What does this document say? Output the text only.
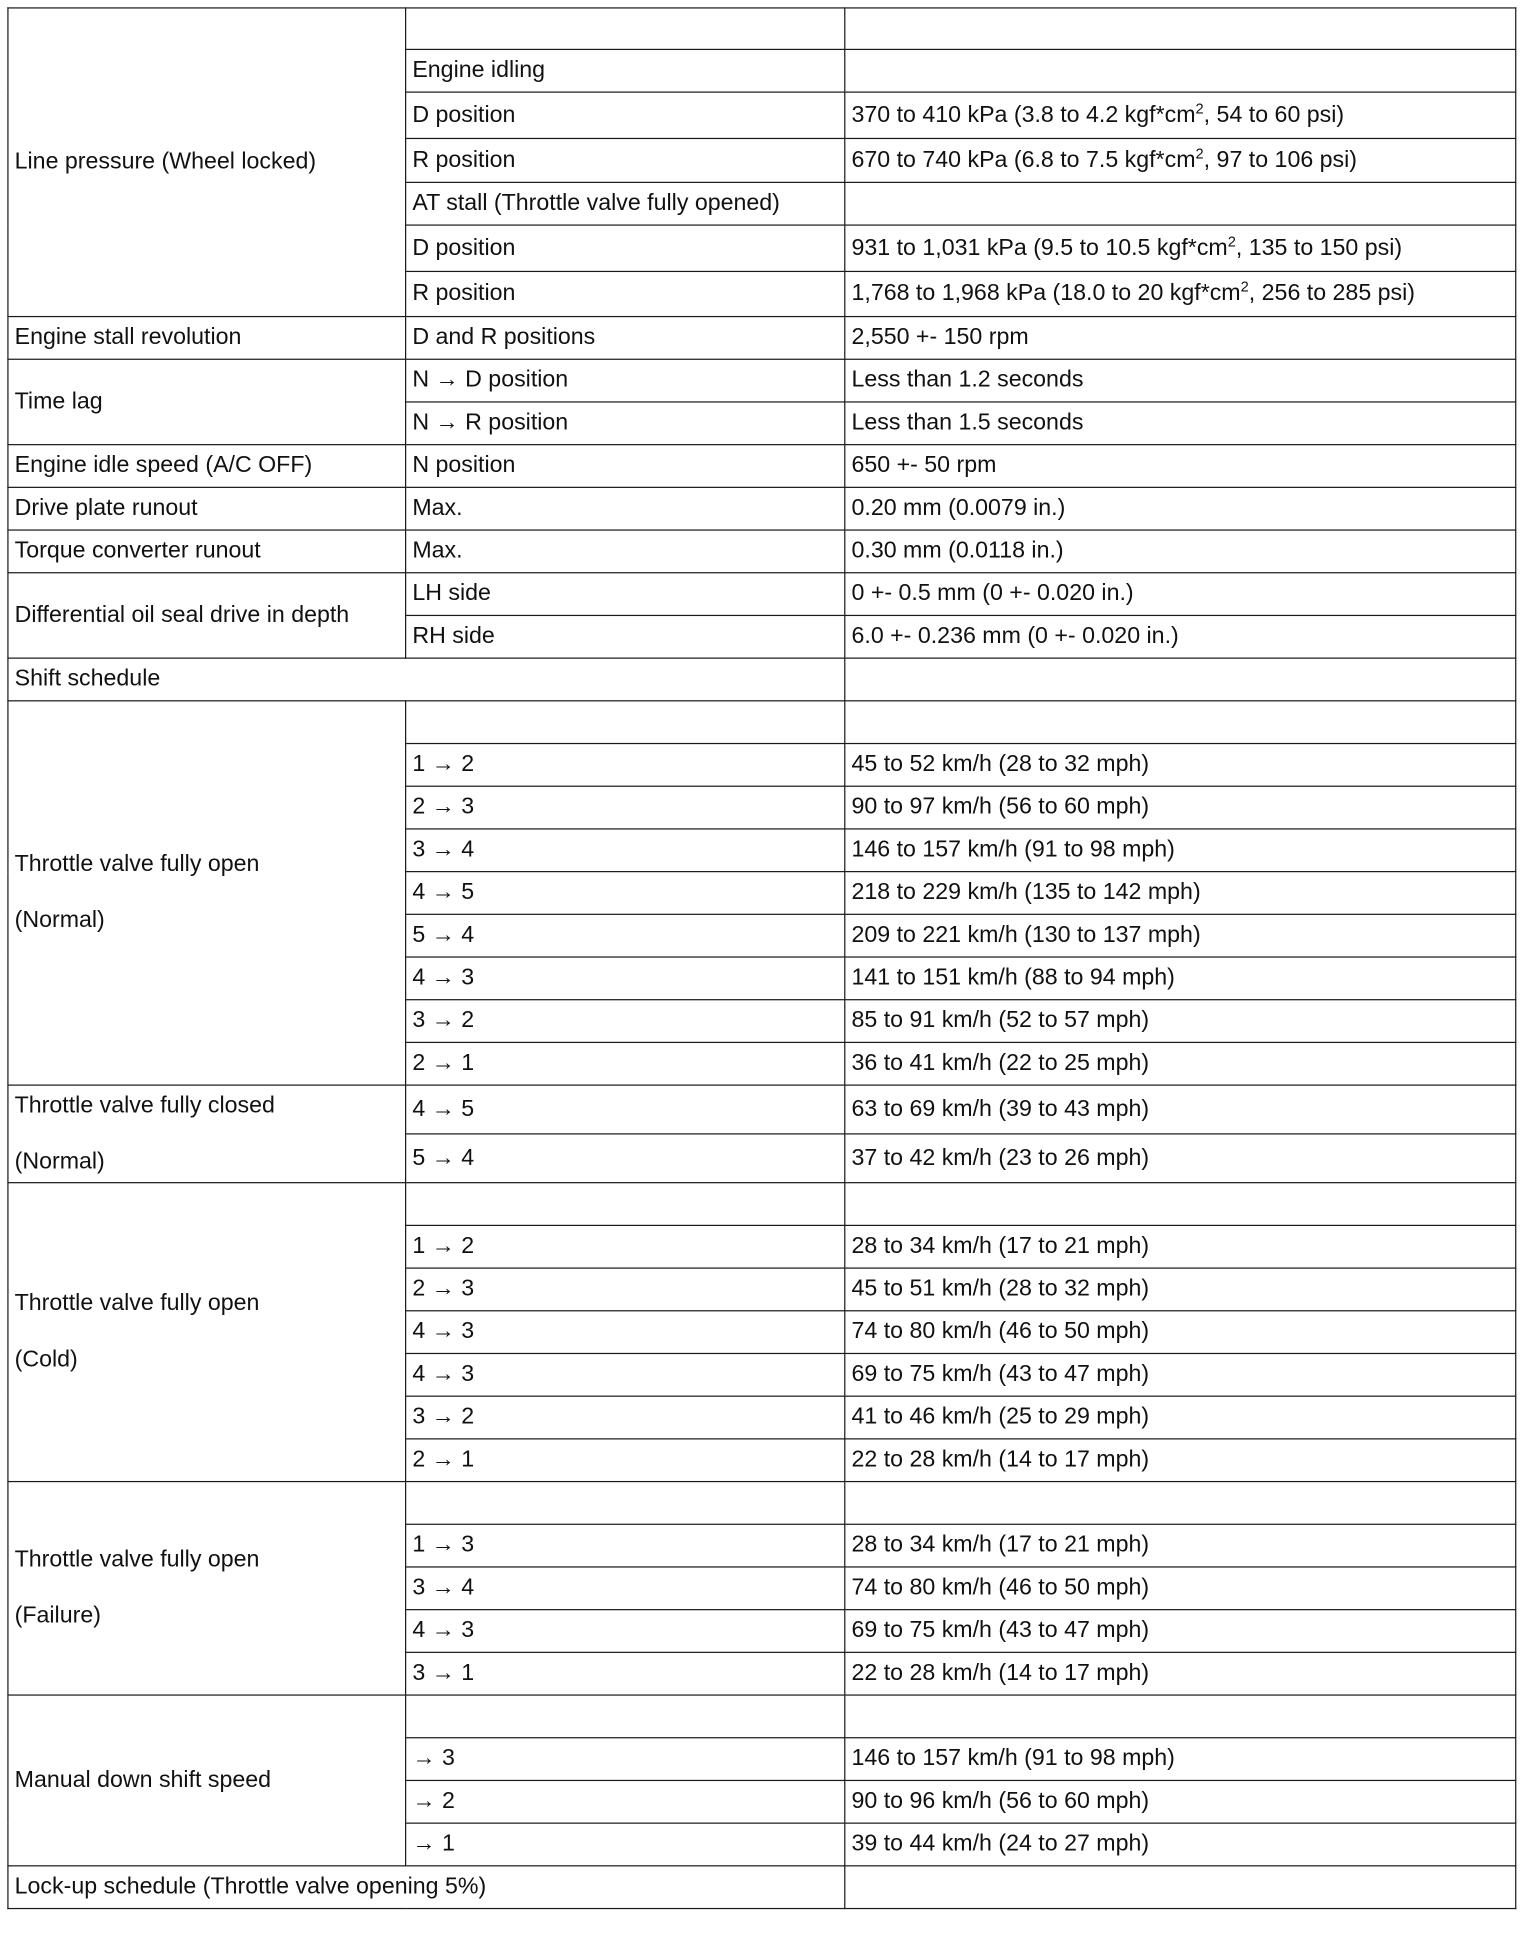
Line pressure (Wheel locked)		
	Engine idling	
	D position	370 to 410 kPa (3.8 to 4.2 $kgf*cm^2$, 54 to 60 psi)
	R position	670 to 740 kPa (6.8 to 7.5 $kgf*cm^2$, 97 to 106 psi)
	AT stall (Throttle valve fully opened)	
	D position	931 to 1,031 kPa (9.5 to 10.5 $kgf*cm^2$, 135 to 150 psi)
	R position	1,768 to 1,968 kPa (18.0 to 20 $kgf*cm^2$, 256 to 285 psi)
Engine stall revolution	D and R positions	2,550 +- 150 rpm
Time lag	N → D position	Less than 1.2 seconds
	N → R position	Less than 1.5 seconds
Engine idle speed (A/C OFF)	N position	650 +- 50 rpm
Drive plate runout	Max.	0.20 mm (0.0079 in.)
Torque converter runout	Max.	0.30 mm (0.0118 in.)
Differential oil seal drive in depth	LH side	0 +- 0.5 mm (0 +- 0.020 in.)
	RH side	6.0 +- 0.236 mm (0 +- 0.020 in.)
Shift schedule		

Throttle valve fully open
(Normal)		

	1 → 2	45 to 52 km/h (28 to 32 mph)
	2 → 3	90 to 97 km/h (56 to 60 mph)
	3 → 4	146 to 157 km/h (91 to 98 mph)
	4 → 5	218 to 229 km/h (135 to 142 mph)
	5 → 4	209 to 221 km/h (130 to 137 mph)
	4 → 3	141 to 151 km/h (88 to 94 mph)
	3 → 2	85 to 91 km/h (52 to 57 mph)
	2 → 1	36 to 41 km/h (22 to 25 mph)

Throttle valve fully closed
(Normal)	4 → 5	63 to 69 km/h (39 to 43 mph)
	5 → 4	37 to 42 km/h (23 to 26 mph)

Throttle valve fully open
(Cold)		

	1 → 2	28 to 34 km/h (17 to 21 mph)
	2 → 3	45 to 51 km/h (28 to 32 mph)
	4 → 3	74 to 80 km/h (46 to 50 mph)
	4 → 3	69 to 75 km/h (43 to 47 mph)
	3 → 2	41 to 46 km/h (25 to 29 mph)
	2 → 1	22 to 28 km/h (14 to 17 mph)

Throttle valve fully open
(Failure)		

	1 → 3	28 to 34 km/h (17 to 21 mph)
	3 → 4	74 to 80 km/h (46 to 50 mph)
	4 → 3	69 to 75 km/h (43 to 47 mph)
	3 → 1	22 to 28 km/h (14 to 17 mph)
Manual down shift speed		
	→ 3	146 to 157 km/h (91 to 98 mph)
	→ 2	90 to 96 km/h (56 to 60 mph)
	→ 1	39 to 44 km/h (24 to 27 mph)
Lock-up schedule (Throttle valve opening 5%)		
